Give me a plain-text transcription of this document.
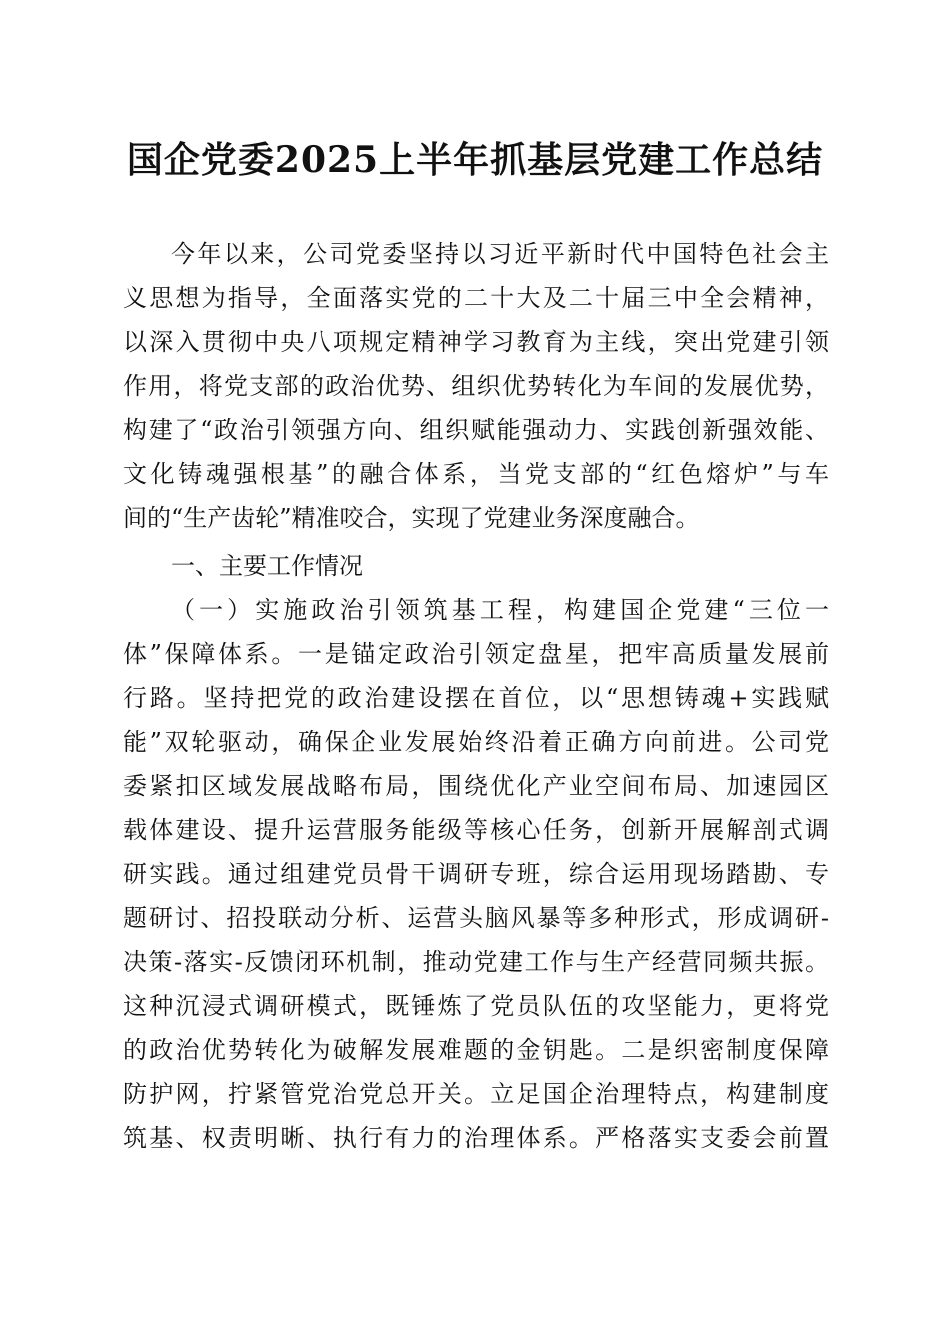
国企党委2025上半年抓基层党建工作总结
今年以来，公司党委坚持以习近平新时代中国特色社会主
义思想为指导，全面落实党的二十大及二十届三中全会精神，
以深入贯彻中央八项规定精神学习教育为主线，突出党建引领
作用，将党支部的政治优势、组织优势转化为车间的发展优势，
构建了“政治引领强方向、组织赋能强动力、实践创新强效能、
文化铸魂强根基”的融合体系，当党支部的“红色熔炉”与车
间的“生产齿轮”精准咬合，实现了党建业务深度融合。
一、主要工作情况
（一）实施政治引领筑基工程，构建国企党建“三位一
体”保障体系。一是锚定政治引领定盘星，把牢高质量发展前
行路。坚持把党的政治建设摆在首位，以“思想铸魂+实践赋
能”双轮驱动，确保企业发展始终沿着正确方向前进。公司党
委紧扣区域发展战略布局，围绕优化产业空间布局、加速园区
载体建设、提升运营服务能级等核心任务，创新开展解剖式调
研实践。通过组建党员骨干调研专班，综合运用现场踏勘、专
题研讨、招投联动分析、运营头脑风暴等多种形式，形成调研-
决策-落实-反馈闭环机制，推动党建工作与生产经营同频共振。
这种沉浸式调研模式，既锤炼了党员队伍的攻坚能力，更将党
的政治优势转化为破解发展难题的金钥匙。二是织密制度保障
防护网，拧紧管党治党总开关。立足国企治理特点，构建制度
筑基、权责明晰、执行有力的治理体系。严格落实支委会前置
